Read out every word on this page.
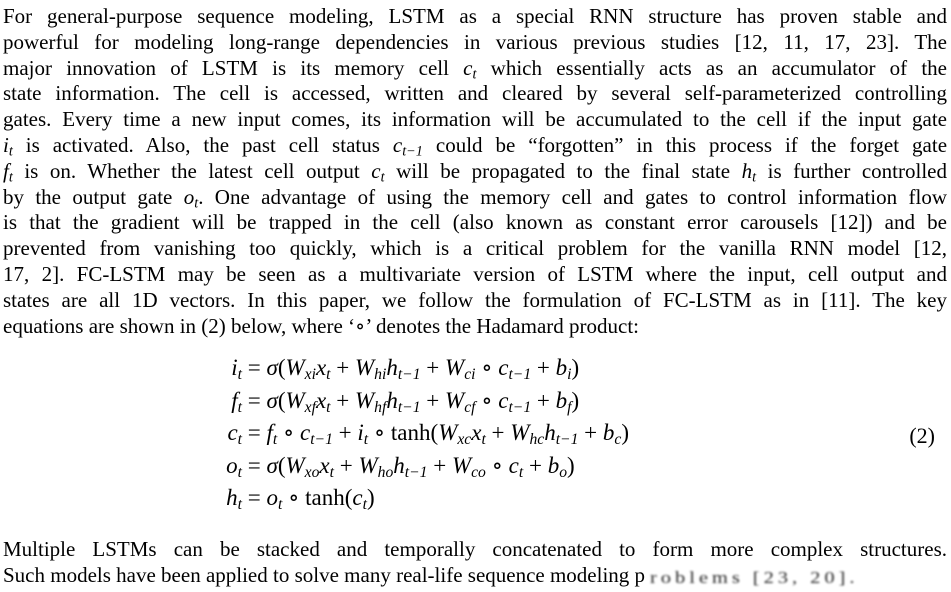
For general-purpose sequence modeling, LSTM as a special RNN structure has proven stable and
powerful for modeling long-range dependencies in various previous studies [12, 11, 17, 23]. The
major innovation of LSTM is its memory cell $c_t$ which essentially acts as an accumulator of the
state information. The cell is accessed, written and cleared by several self-parameterized controlling
gates. Every time a new input comes, its information will be accumulated to the cell if the input gate
$i_t$ is activated. Also, the past cell status $c_{t-1}$ could be “forgotten” in this process if the forget gate
$f_t$ is on. Whether the latest cell output $c_t$ will be propagated to the final state $h_t$ is further controlled
by the output gate $o_t$. One advantage of using the memory cell and gates to control information flow
is that the gradient will be trapped in the cell (also known as constant error carousels [12]) and be
prevented from vanishing too quickly, which is a critical problem for the vanilla RNN model [12,
17, 2]. FC-LSTM may be seen as a multivariate version of LSTM where the input, cell output and
states are all 1D vectors. In this paper, we follow the formulation of FC-LSTM as in [11]. The key
equations are shown in (2) below, where ‘∘’ denotes the Hadamard product:
$i_t = \sigma(W_{xi}x_t + W_{hi}h_{t-1} + W_{ci}$ ∘ $c_{t-1} + b_i$)
$f_t = \sigma(W_{xf}x_t + W_{hf}h_{t-1} + W_{cf}$ ∘ $c_{t-1} + b_f$)
$c_t = f_t$ ∘ $c_{t-1} + i_t$ ∘ $\tanh(W_{xc}x_t + W_{hc}h_{t-1} + b_c)$
$o_t = \sigma(W_{xo}x_t + W_{ho}h_{t-1} + W_{co}$ ∘ $c_t + b_o$)
$h_t = o_t$ ∘ $\tanh(c_t)$
(2)
Multiple LSTMs can be stacked and temporally concatenated to form more complex structures.
Such models have been applied to solve many real-life sequence modeling p roblems [23, 20].
